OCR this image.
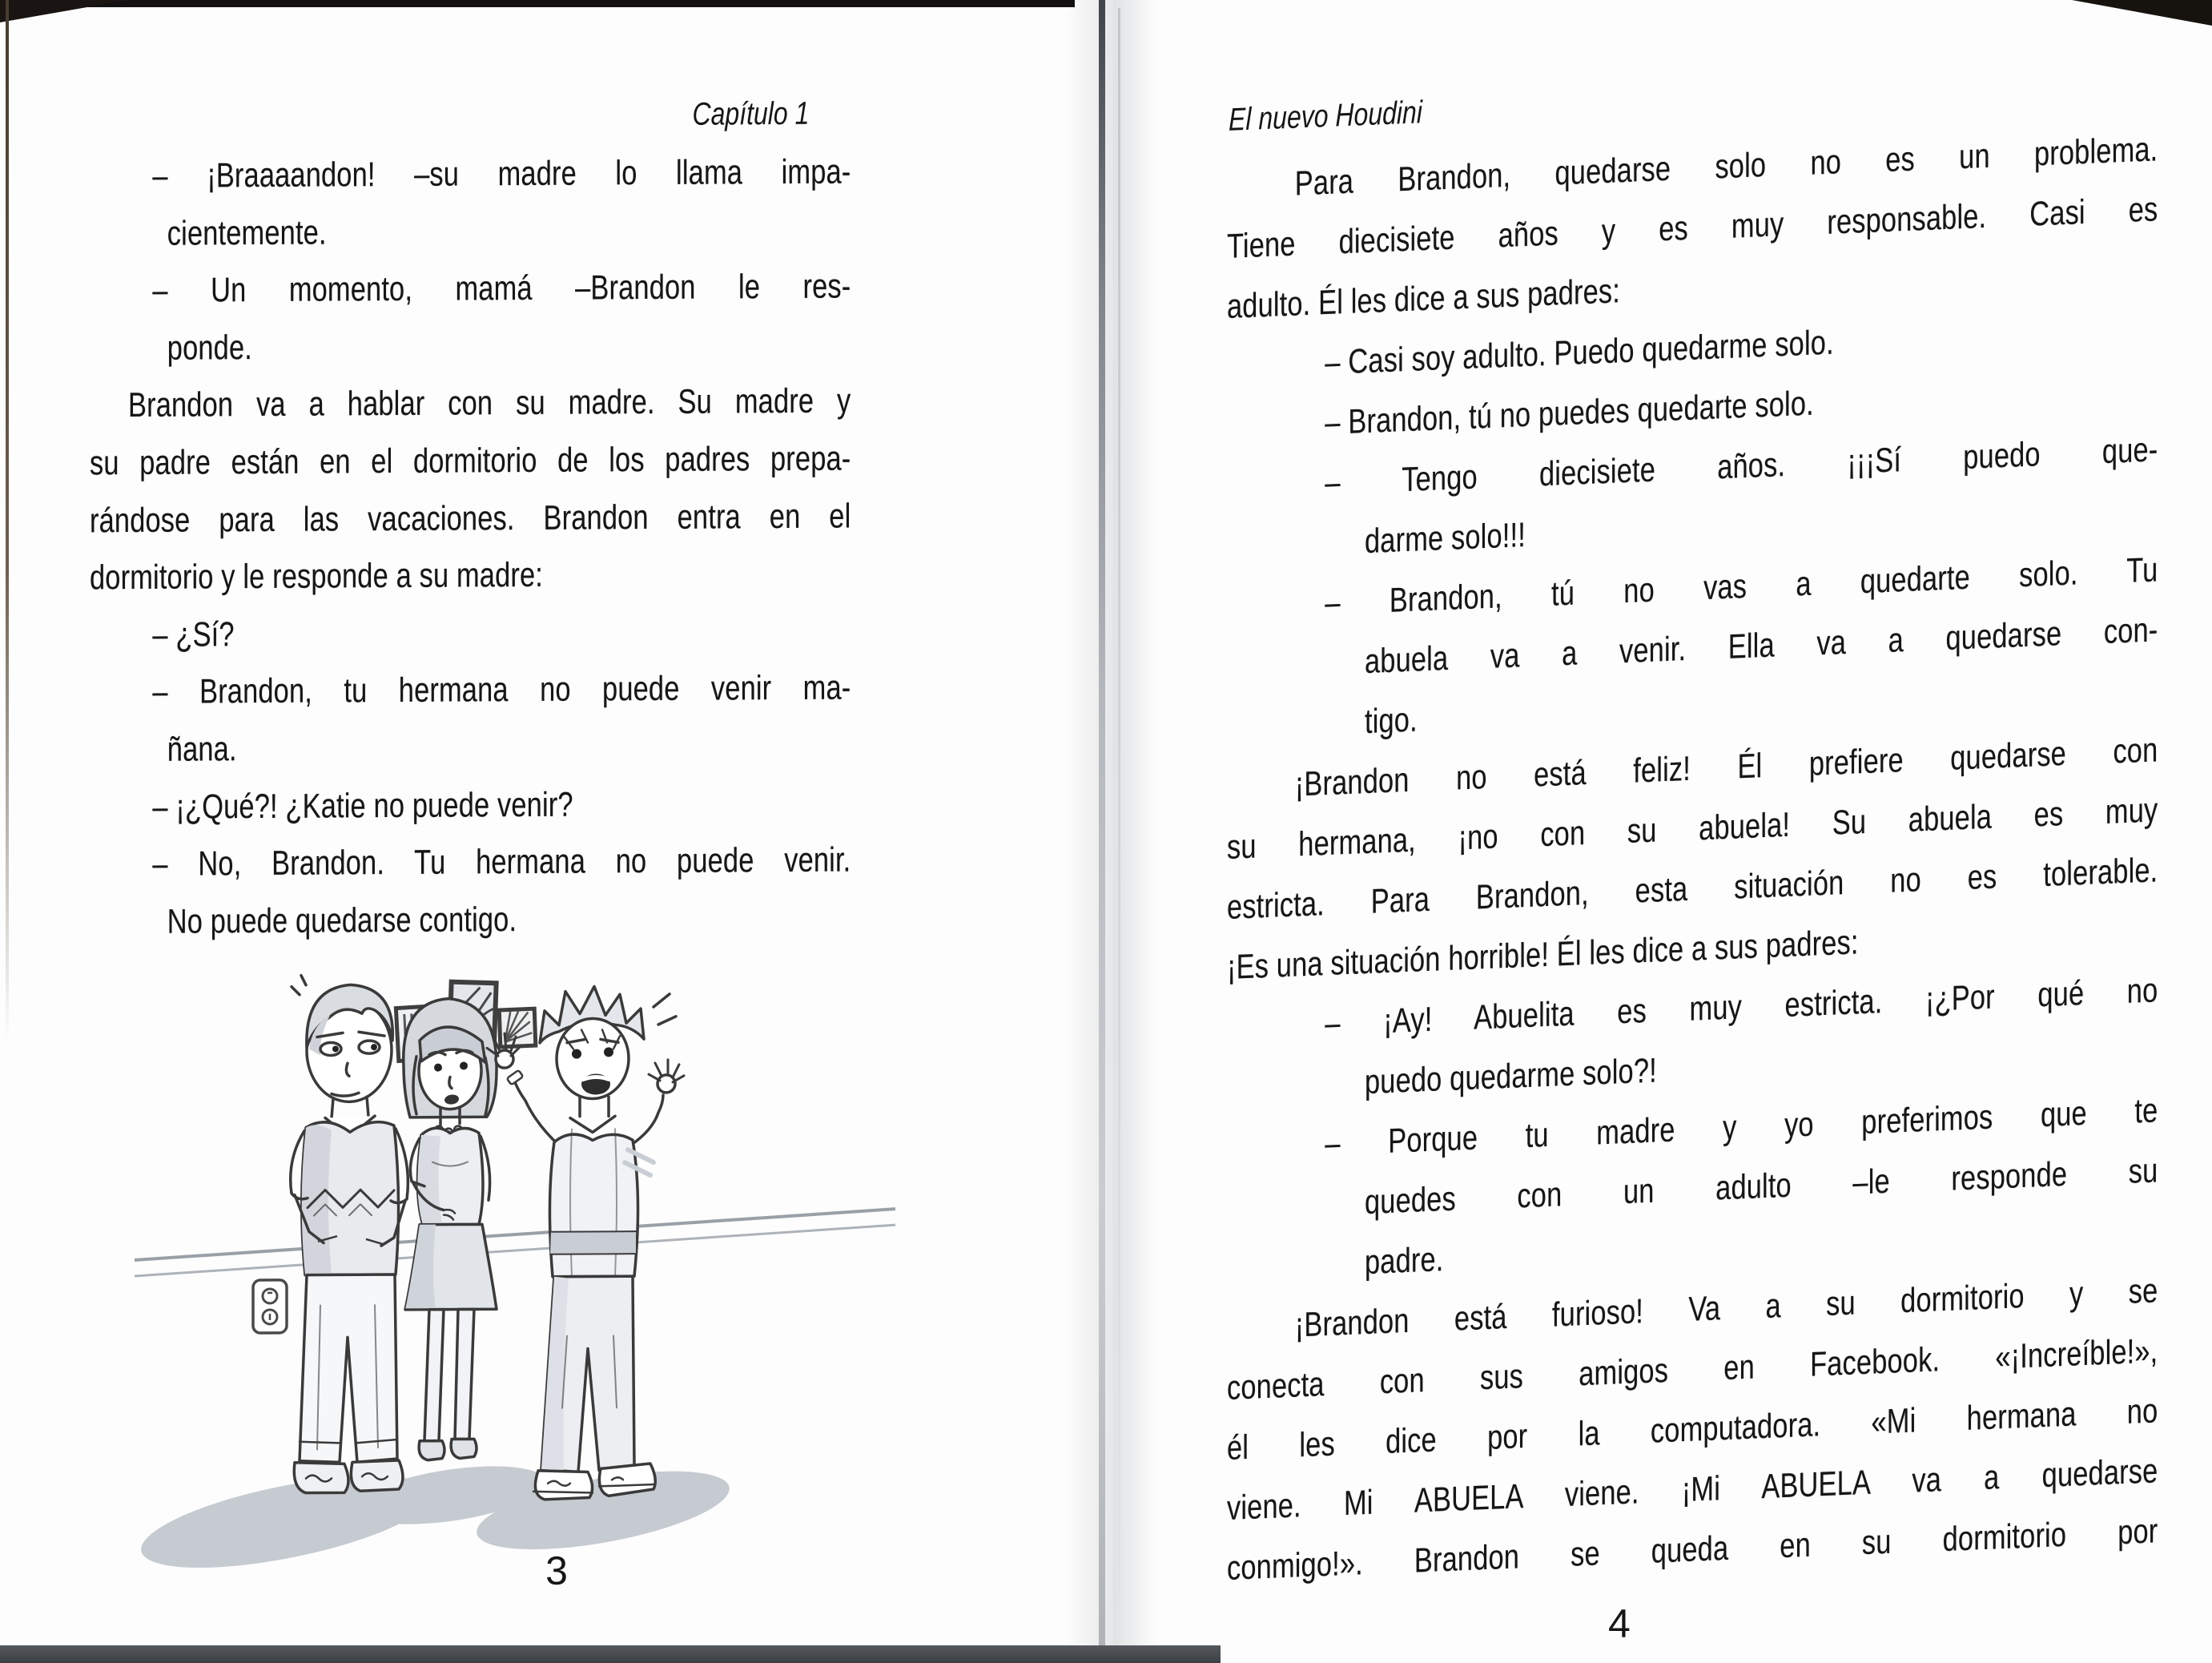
Capítulo 1
– ¡Braaaandon! –su madre lo llama impa-
cientemente.
– Un momento, mamá –Brandon le res-
ponde.
Brandon va a hablar con su madre. Su madre y
su padre están en el dormitorio de los padres prepa-
rándose para las vacaciones. Brandon entra en el
dormitorio y le responde a su madre:
– ¿Sí?
– Brandon, tu hermana no puede venir ma-
ñana.
– ¡¿Qué?! ¿Katie no puede venir?
– No, Brandon. Tu hermana no puede venir.
No puede quedarse contigo.
3
El nuevo Houdini
Para Brandon, quedarse solo no es un problema.
Tiene diecisiete años y es muy responsable. Casi es
adulto. Él les dice a sus padres:
– Casi soy adulto. Puedo quedarme solo.
– Brandon, tú no puedes quedarte solo.
– Tengo diecisiete años. ¡¡¡Sí puedo que-
darme solo!!!
– Brandon, tú no vas a quedarte solo. Tu
abuela va a venir. Ella va a quedarse con-
tigo.
¡Brandon no está feliz! Él prefiere quedarse con
su hermana, ¡no con su abuela! Su abuela es muy
estricta. Para Brandon, esta situación no es tolerable.
¡Es una situación horrible! Él les dice a sus padres:
– ¡Ay! Abuelita es muy estricta. ¡¿Por qué no
puedo quedarme solo?!
– Porque tu madre y yo preferimos que te
quedes con un adulto –le responde su
padre.
¡Brandon está furioso! Va a su dormitorio y se
conecta con sus amigos en Facebook. «¡Increíble!»,
él les dice por la computadora. «Mi hermana no
viene. Mi ABUELA viene. ¡Mi ABUELA va a quedarse
conmigo!». Brandon se queda en su dormitorio por
4
